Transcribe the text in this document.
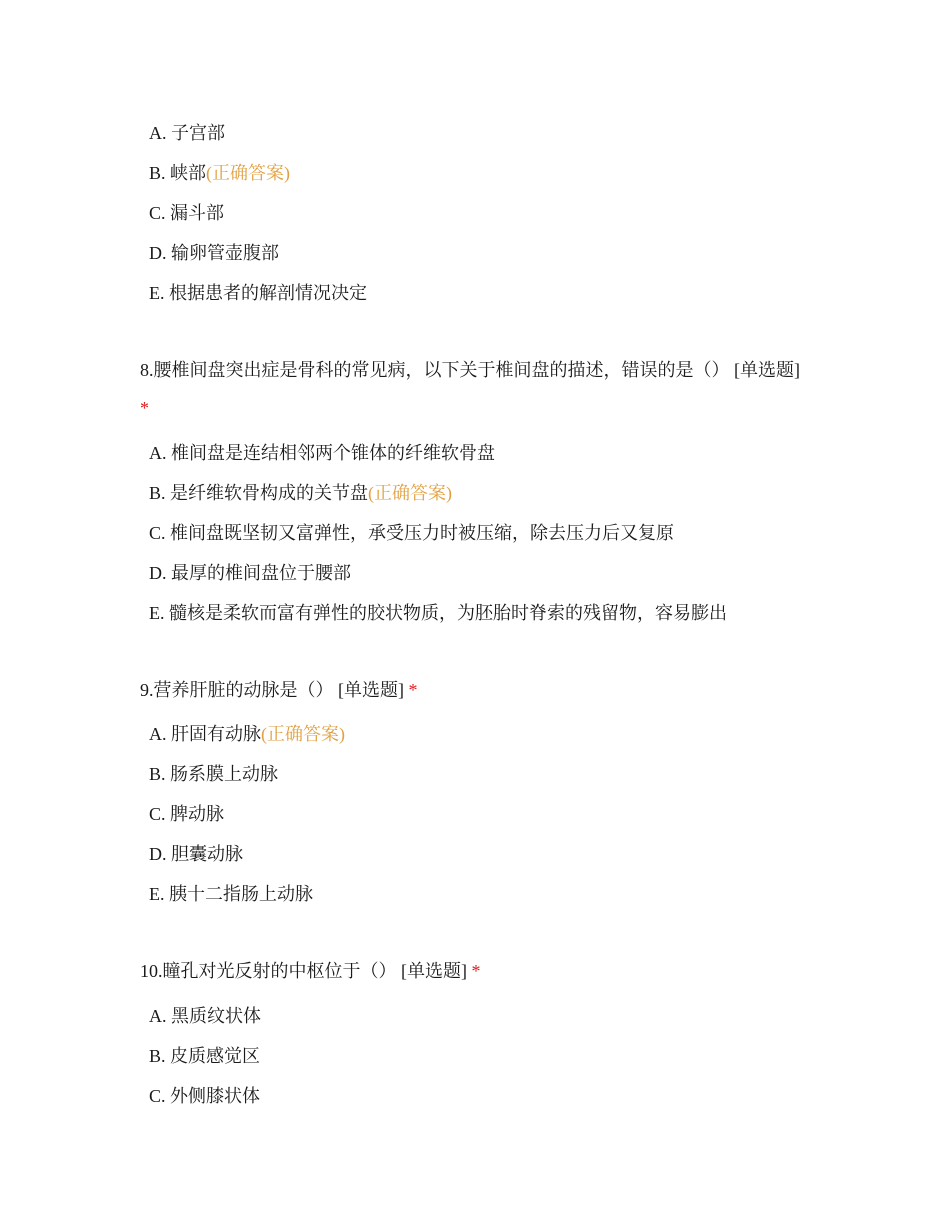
A. 子宫部
B. 峡部(正确答案)
C. 漏斗部
D. 输卵管壶腹部
E. 根据患者的解剖情况决定
8.腰椎间盘突出症是骨科的常见病，以下关于椎间盘的描述，错误的是（） [单选题] *
A. 椎间盘是连结相邻两个锥体的纤维软骨盘
B. 是纤维软骨构成的关节盘(正确答案)
C. 椎间盘既坚韧又富弹性，承受压力时被压缩，除去压力后又复原
D. 最厚的椎间盘位于腰部
E. 髓核是柔软而富有弹性的胶状物质，为胚胎时脊索的残留物，容易膨出
9.营养肝脏的动脉是（） [单选题] *
A. 肝固有动脉(正确答案)
B. 肠系膜上动脉
C. 脾动脉
D. 胆囊动脉
E. 胰十二指肠上动脉
10.瞳孔对光反射的中枢位于（） [单选题] *
A. 黑质纹状体
B. 皮质感觉区
C. 外侧膝状体
